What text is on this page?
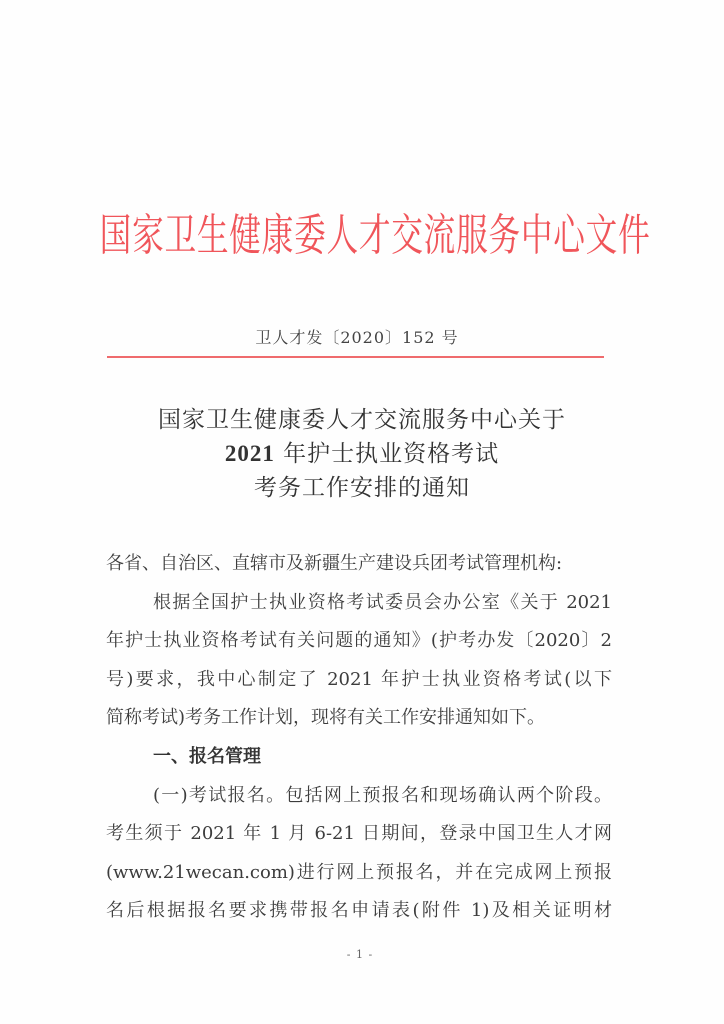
国家卫生健康委人才交流服务中心文件
卫人才发〔2020〕152 号
国家卫生健康委人才交流服务中心关于
2021 年护士执业资格考试
考务工作安排的通知
各省、自治区、直辖市及新疆生产建设兵团考试管理机构:
根据全国护士执业资格考试委员会办公室《关于 2021
年护士执业资格考试有关问题的通知》(护考办发〔2020〕2
号)要求，我中心制定了 2021 年护士执业资格考试(以下
简称考试)考务工作计划，现将有关工作安排通知如下。
一、报名管理
(一)考试报名。包括网上预报名和现场确认两个阶段。
考生须于 2021 年 1 月 6-21 日期间，登录中国卫生人才网
(www.21wecan.com)进行网上预报名，并在完成网上预报
名后根据报名要求携带报名申请表(附件 1)及相关证明材
- 1 -
